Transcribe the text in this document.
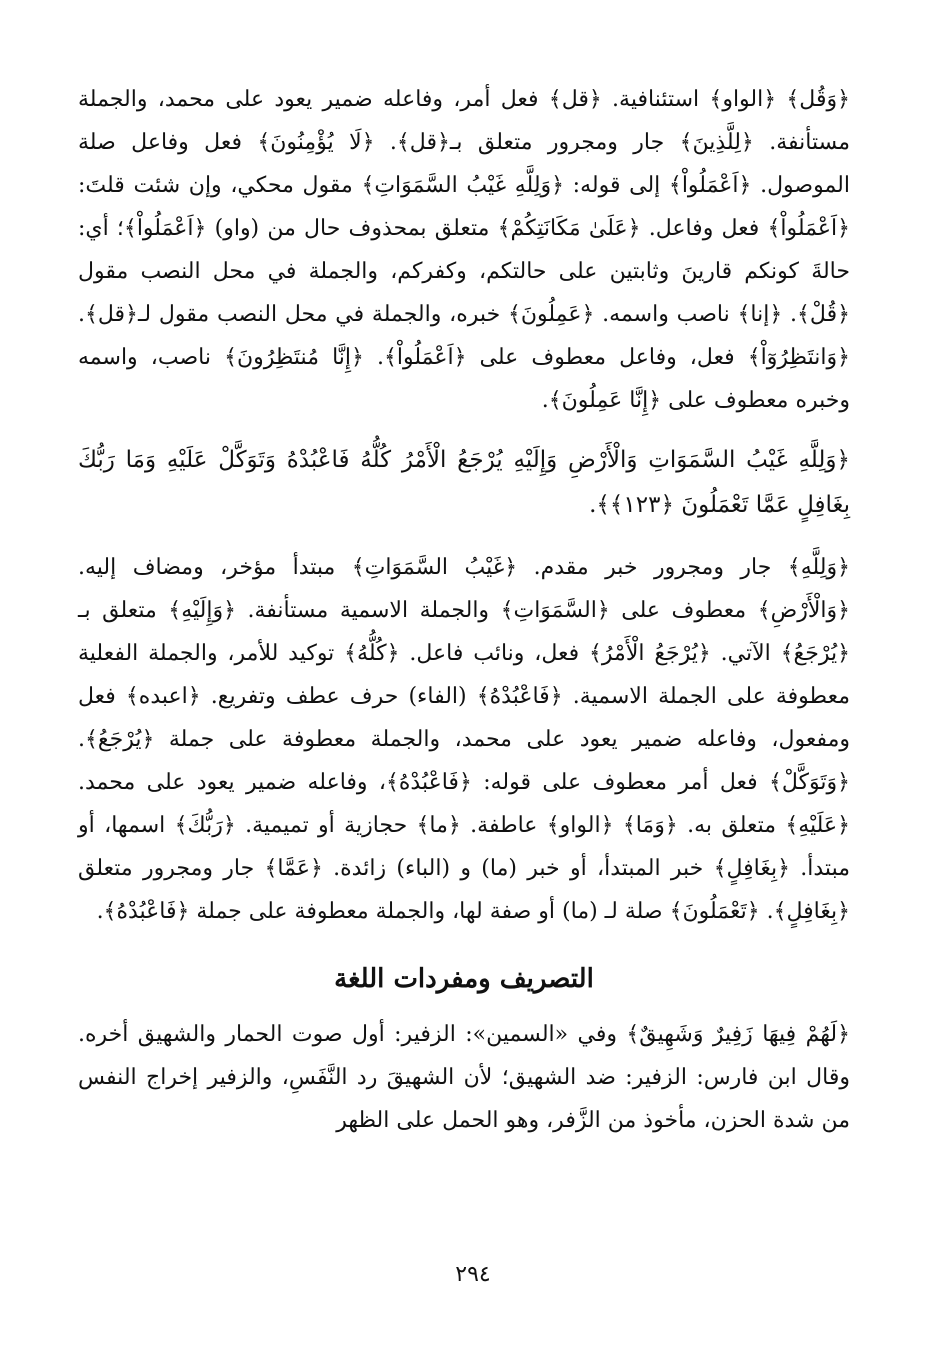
﴿وَقُل﴾ ﴿الواو﴾ استئنافية. ﴿قل﴾ فعل أمر، وفاعله ضمير يعود على محمد، والجملة مستأنفة. ﴿لِلَّذِينَ﴾ جار ومجرور متعلق بـ﴿قل﴾. ﴿لَا يُؤْمِنُونَ﴾ فعل وفاعل صلة الموصول. ﴿اَعْمَلُواْ﴾ إلى قوله: ﴿وَلِلَّهِ غَيْبُ السَّمَوَاتِ﴾ مقول محكي، وإن شئت قلتَ: ﴿اَعْمَلُواْ﴾ فعل وفاعل. ﴿عَلَىٰ مَكَانَتِكُمْ﴾ متعلق بمحذوف حال من (واو) ﴿اَعْمَلُواْ﴾؛ أي: حالةَ كونكم قارينَ وثابتين على حالتكم، وكفركم، والجملة في محل النصب مقول ﴿قُلْ﴾. ﴿إنا﴾ ناصب واسمه. ﴿عَمِلُونَ﴾ خبره، والجملة في محل النصب مقول لـ﴿قل﴾. ﴿وَانتَظِرُوٓاْ﴾ فعل، وفاعل معطوف على ﴿اَعْمَلُواْ﴾. ﴿إِنَّا مُنتَظِرُونَ﴾ ناصب، واسمه وخبره معطوف على ﴿إِنَّا عَمِلُونَ﴾.

﴿وَلِلَّهِ غَيْبُ السَّمَوَاتِ وَالْأَرْضِ وَإِلَيْهِ يُرْجَعُ الْأَمْرُ كُلُّهُ فَاعْبُدْهُ وَتَوَكَّلْ عَلَيْهِ وَمَا رَبُّكَ بِغَافِلٍ عَمَّا تَعْمَلُونَ ﴿١٢٣﴾﴾.

﴿وَلِلَّهِ﴾ جار ومجرور خبر مقدم. ﴿غَيْبُ السَّمَوَاتِ﴾ مبتدأ مؤخر، ومضاف إليه. ﴿وَالْأَرْضِ﴾ معطوف على ﴿السَّمَوَاتِ﴾ والجملة الاسمية مستأنفة. ﴿وَإِلَيْهِ﴾ متعلق بـ ﴿يُرْجَعُ﴾ الآتي. ﴿يُرْجَعُ الْأَمْرُ﴾ فعل، ونائب فاعل. ﴿كُلُّهُ﴾ توكيد للأمر، والجملة الفعلية معطوفة على الجملة الاسمية. ﴿فَاعْبُدْهُ﴾ (الفاء) حرف عطف وتفريع. ﴿اعبده﴾ فعل ومفعول، وفاعله ضمير يعود على محمد، والجملة معطوفة على جملة ﴿يُرْجَعُ﴾. ﴿وَتَوَكَّلْ﴾ فعل أمر معطوف على قوله: ﴿فَاعْبُدْهُ﴾، وفاعله ضمير يعود على محمد. ﴿عَلَيْهِ﴾ متعلق به. ﴿وَمَا﴾ ﴿الواو﴾ عاطفة. ﴿ما﴾ حجازية أو تميمية. ﴿رَبُّكَ﴾ اسمها، أو مبتدأ. ﴿بِغَافِلٍ﴾ خبر المبتدأ، أو خبر (ما) و (الباء) زائدة. ﴿عَمَّا﴾ جار ومجرور متعلق ﴿بِغَافِلٍ﴾. ﴿تَعْمَلُونَ﴾ صلة لـ (ما) أو صفة لها، والجملة معطوفة على جملة ﴿فَاعْبُدْهُ﴾.

التصريف ومفردات اللغة

﴿لَهُمْ فِيهَا زَفِيرٌ وَشَهِيقٌ﴾ وفي «السمين»: الزفير: أول صوت الحمار والشهيق أخره. وقال ابن فارس: الزفير: ضد الشهيق؛ لأن الشهيقَ رد النَّفَسِ، والزفير إخراج النفس من شدة الحزن، مأخوذ من الزَّفر، وهو الحمل على الظهر

٢٩٤
